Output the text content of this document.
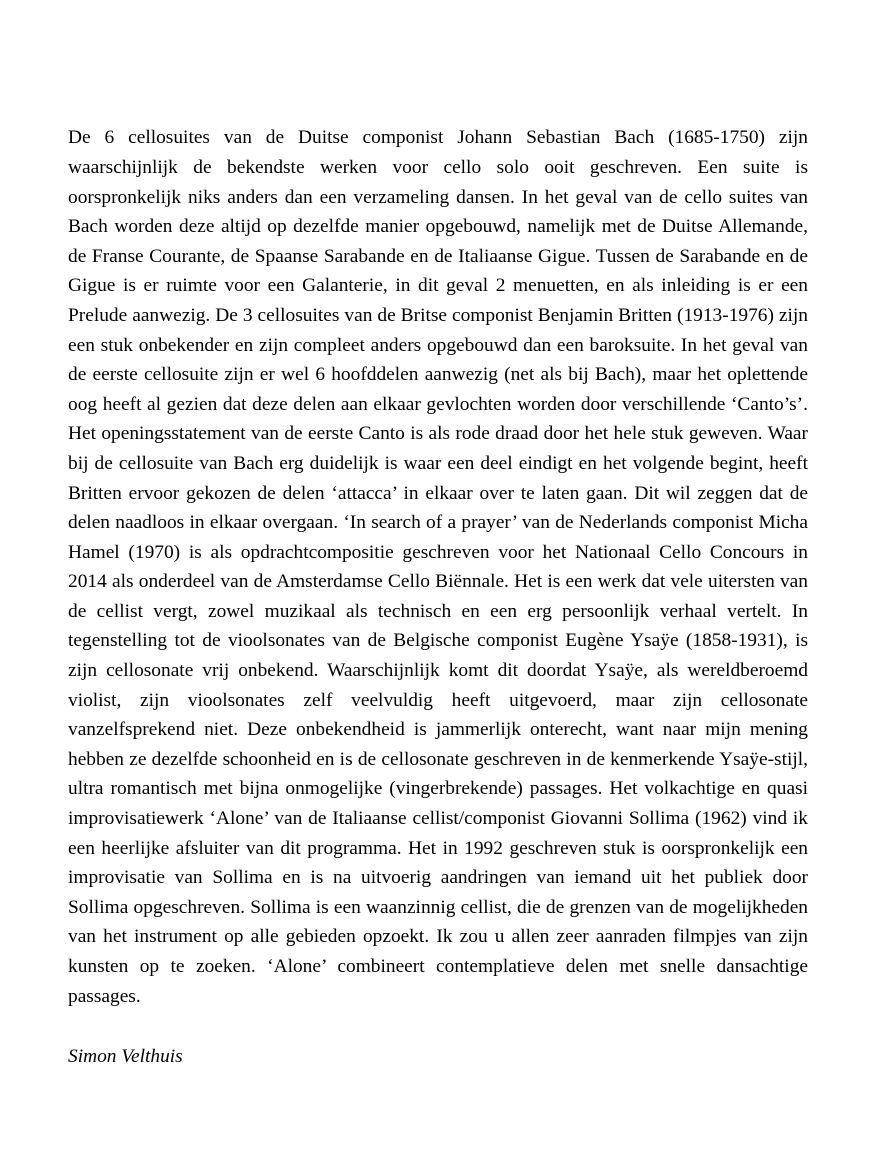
De 6 cellosuites van de Duitse componist Johann Sebastian Bach (1685-1750) zijn waarschijnlijk de bekendste werken voor cello solo ooit geschreven. Een suite is oorspronkelijk niks anders dan een verzameling dansen. In het geval van de cello suites van Bach worden deze altijd op dezelfde manier opgebouwd, namelijk met de Duitse Allemande, de Franse Courante, de Spaanse Sarabande en de Italiaanse Gigue. Tussen de Sarabande en de Gigue is er ruimte voor een Galanterie, in dit geval 2 menuetten, en als inleiding is er een Prelude aanwezig. De 3 cellosuites van de Britse componist Benjamin Britten (1913-1976) zijn een stuk onbekender en zijn compleet anders opgebouwd dan een baroksuite. In het geval van de eerste cellosuite zijn er wel 6 hoofddelen aanwezig (net als bij Bach), maar het oplettende oog heeft al gezien dat deze delen aan elkaar gevlochten worden door verschillende ‘Canto’s’. Het openingsstatement van de eerste Canto is als rode draad door het hele stuk geweven. Waar bij de cellosuite van Bach erg duidelijk is waar een deel eindigt en het volgende begint, heeft Britten ervoor gekozen de delen ‘attacca’ in elkaar over te laten gaan. Dit wil zeggen dat de delen naadloos in elkaar overgaan. ‘In search of a prayer’ van de Nederlands componist Micha Hamel (1970) is als opdrachtcompositie geschreven voor het Nationaal Cello Concours in 2014 als onderdeel van de Amsterdamse Cello Biënnale. Het is een werk dat vele uitersten van de cellist vergt, zowel muzikaal als technisch en een erg persoonlijk verhaal vertelt. In tegenstelling tot de vioolsonates van de Belgische componist Eugène Ysaÿe (1858-1931), is zijn cellosonate vrij onbekend. Waarschijnlijk komt dit doordat Ysaÿe, als wereldberoemd violist, zijn vioolsonates zelf veelvuldig heeft uitgevoerd, maar zijn cellosonate vanzelfsprekend niet. Deze onbekendheid is jammerlijk onterecht, want naar mijn mening hebben ze dezelfde schoonheid en is de cellosonate geschreven in de kenmerkende Ysaÿe-stijl, ultra romantisch met bijna onmogelijke (vingerbrekende) passages. Het volkachtige en quasi improvisatiewerk ‘Alone’ van de Italiaanse cellist/componist Giovanni Sollima (1962) vind ik een heerlijke afsluiter van dit programma. Het in 1992 geschreven stuk is oorspronkelijk een improvisatie van Sollima en is na uitvoerig aandringen van iemand uit het publiek door Sollima opgeschreven. Sollima is een waanzinnig cellist, die de grenzen van de mogelijkheden van het instrument op alle gebieden opzoekt. Ik zou u allen zeer aanraden filmpjes van zijn kunsten op te zoeken. ‘Alone’ combineert contemplatieve delen met snelle dansachtige passages.

Simon Velthuis
